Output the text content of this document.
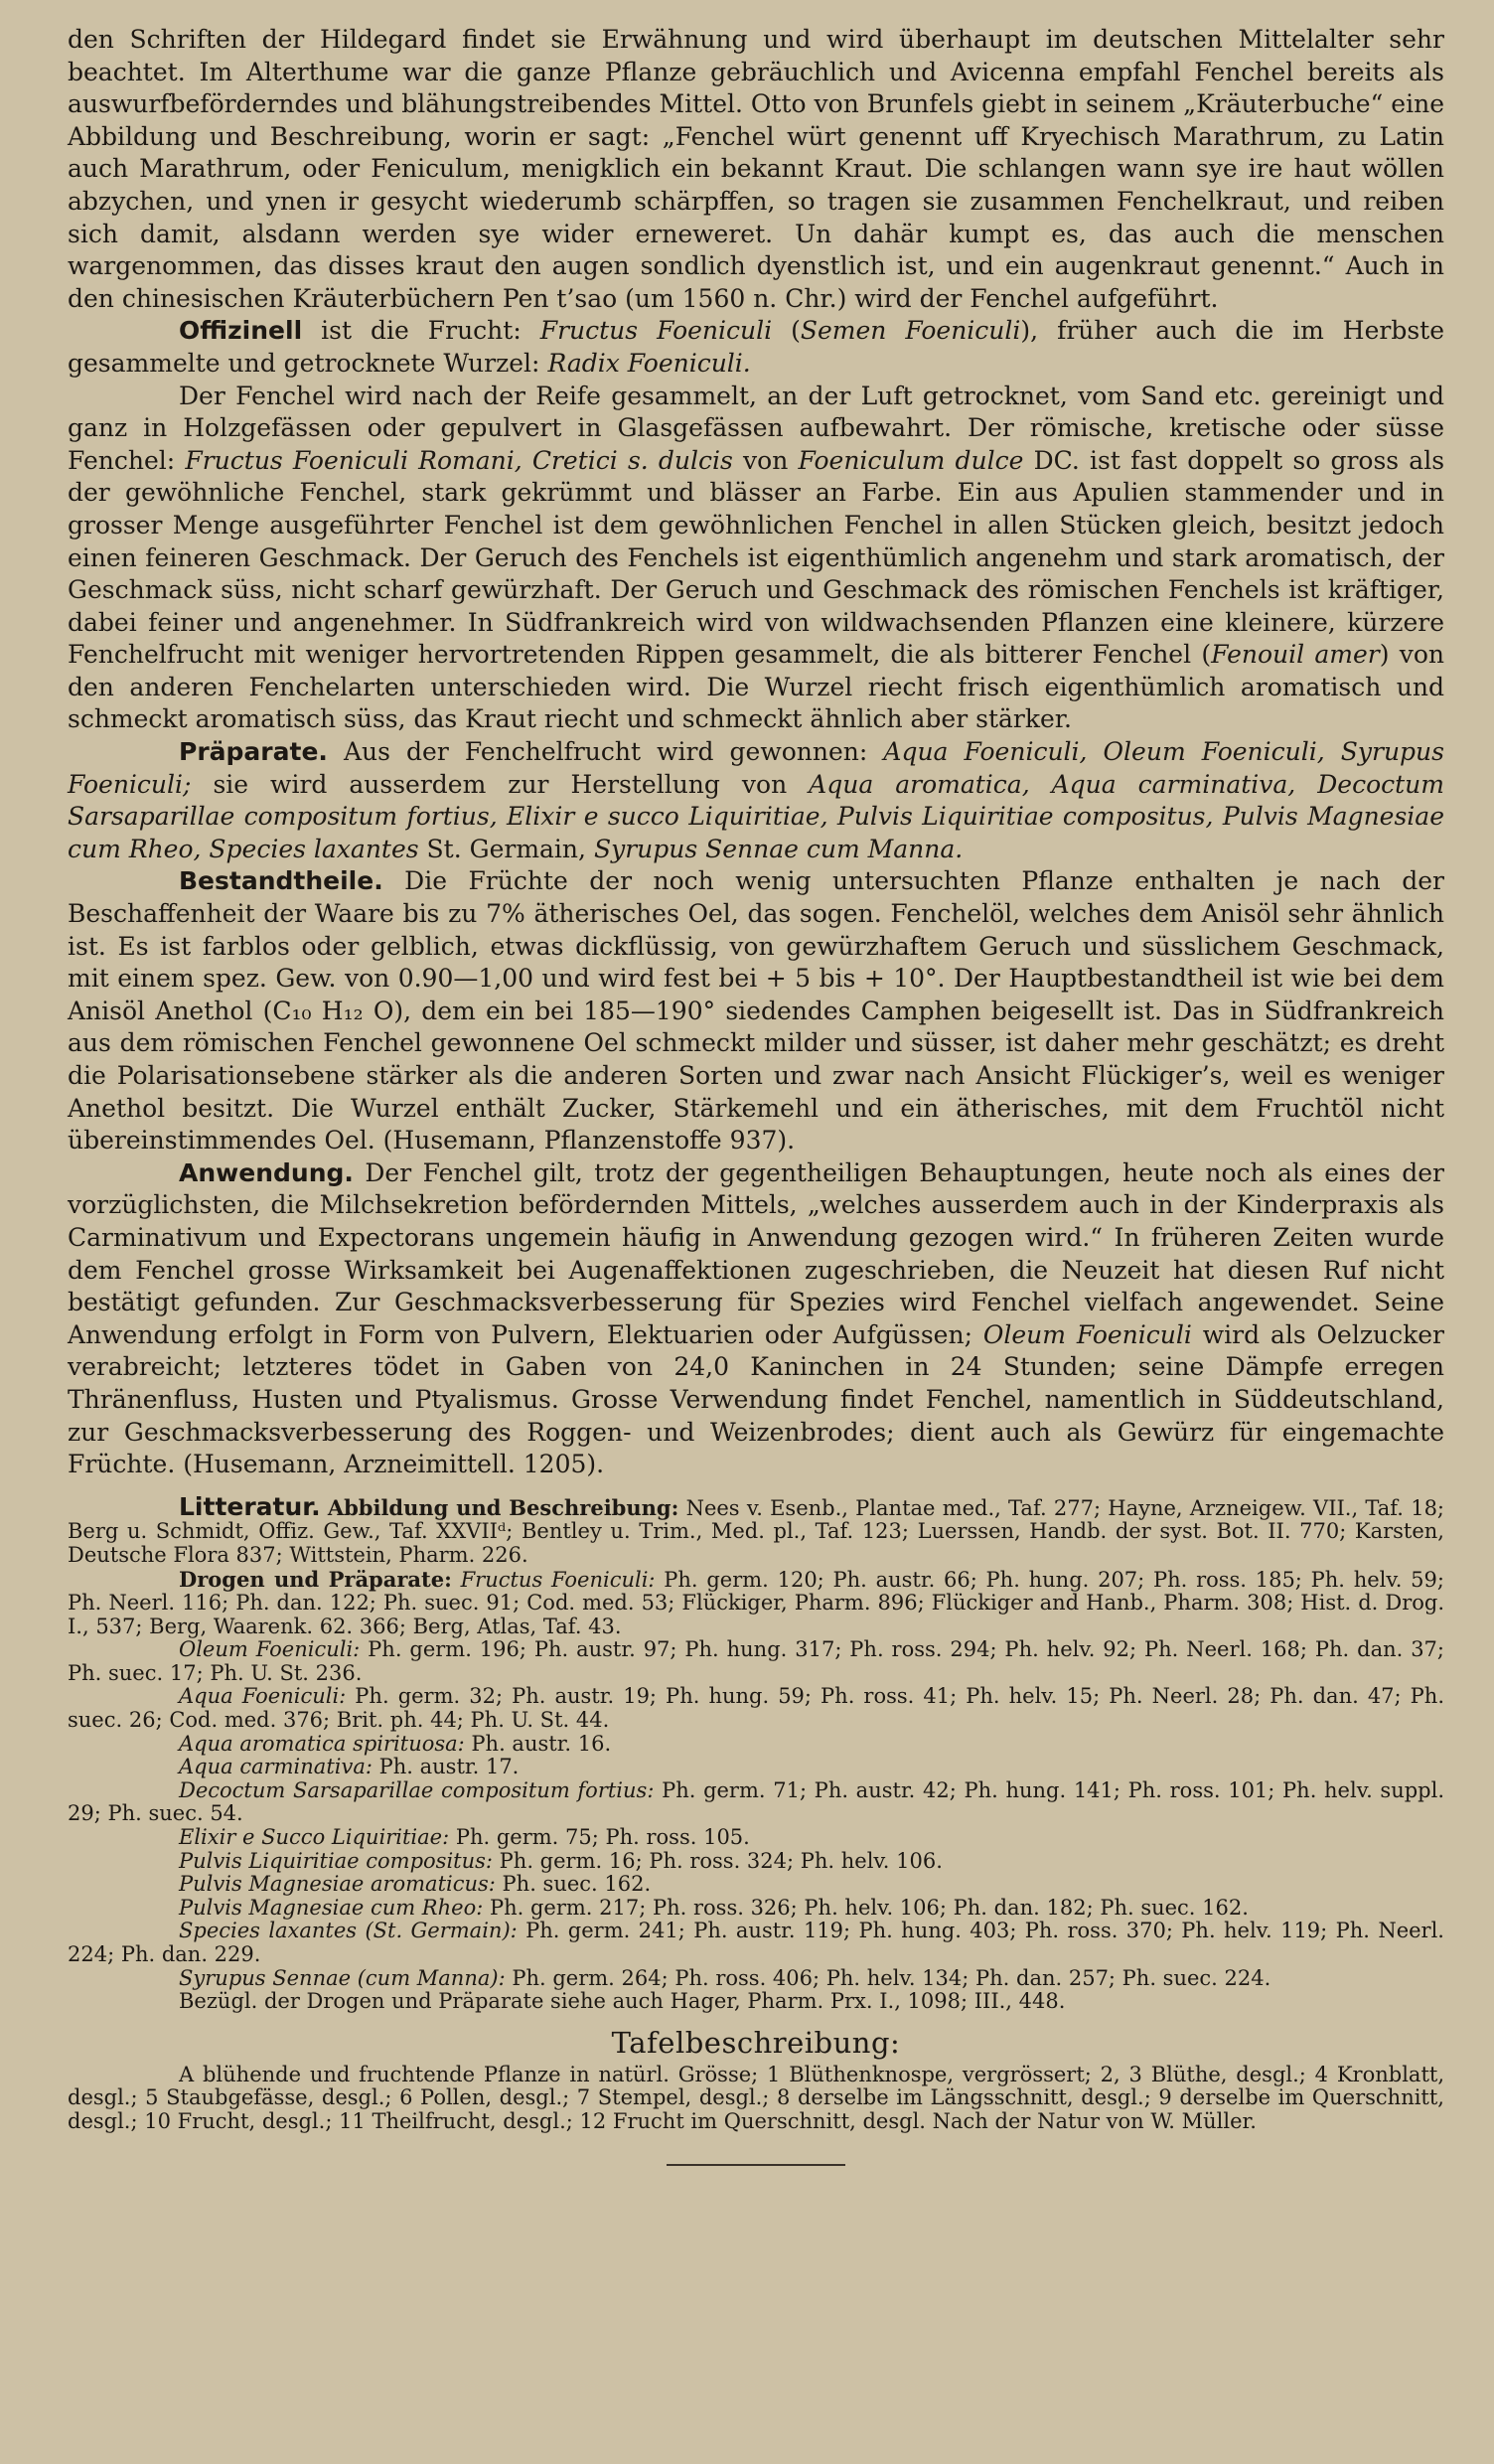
den Schriften der Hildegard findet sie Erwähnung und wird überhaupt im deutschen Mittelalter sehr beachtet. Im Alterthume war die ganze Pflanze gebräuchlich und Avicenna empfahl Fenchel bereits als auswurfbeförderndes und blähungstreibendes Mittel. Otto von Brunfels giebt in seinem „Kräuterbuche“ eine Abbildung und Beschreibung, worin er sagt: „Fenchel würt genennt uff Kryechisch Marathrum, zu Latin auch Marathrum, oder Feniculum, menigklich ein bekannt Kraut. Die schlangen wann sye ire haut wöllen abzychen, und ynen ir gesycht wiederumb schärpffen, so tragen sie zusammen Fenchelkraut, und reiben sich damit, alsdann werden sye wider erneweret. Un dahär kumpt es, das auch die menschen wargenommen, das disses kraut den augen sondlich dyenstlich ist, und ein augenkraut genennt.“ Auch in den chinesischen Kräuterbüchern Pen t’sao (um 1560 n. Chr.) wird der Fenchel aufgeführt.

Offizinell ist die Frucht: Fructus Foeniculi (Semen Foeniculi), früher auch die im Herbste gesammelte und getrocknete Wurzel: Radix Foeniculi.

Der Fenchel wird nach der Reife gesammelt, an der Luft getrocknet, vom Sand etc. gereinigt und ganz in Holzgefässen oder gepulvert in Glasgefässen aufbewahrt. Der römische, kretische oder süsse Fenchel: Fructus Foeniculi Romani, Cretici s. dulcis von Foeniculum dulce DC. ist fast doppelt so gross als der gewöhnliche Fenchel, stark gekrümmt und blässer an Farbe. Ein aus Apulien stammender und in grosser Menge ausgeführter Fenchel ist dem gewöhnlichen Fenchel in allen Stücken gleich, besitzt jedoch einen feineren Geschmack. Der Geruch des Fenchels ist eigenthümlich angenehm und stark aromatisch, der Geschmack süss, nicht scharf gewürzhaft. Der Geruch und Geschmack des römischen Fenchels ist kräftiger, dabei feiner und angenehmer. In Südfrankreich wird von wildwachsenden Pflanzen eine kleinere, kürzere Fenchelfrucht mit weniger hervortretenden Rippen gesammelt, die als bitterer Fenchel (Fenouil amer) von den anderen Fenchelarten unterschieden wird. Die Wurzel riecht frisch eigenthümlich aromatisch und schmeckt aromatisch süss, das Kraut riecht und schmeckt ähnlich aber stärker.

Präparate. Aus der Fenchelfrucht wird gewonnen: Aqua Foeniculi, Oleum Foeniculi, Syrupus Foeniculi; sie wird ausserdem zur Herstellung von Aqua aromatica, Aqua carminativa, Decoctum Sarsaparillae compositum fortius, Elixir e succo Liquiritiae, Pulvis Liquiritiae compositus, Pulvis Magnesiae cum Rheo, Species laxantes St. Germain, Syrupus Sennae cum Manna.

Bestandtheile. Die Früchte der noch wenig untersuchten Pflanze enthalten je nach der Beschaffenheit der Waare bis zu 7% ätherisches Oel, das sogen. Fenchelöl, welches dem Anisöl sehr ähnlich ist. Es ist farblos oder gelblich, etwas dickflüssig, von gewürzhaftem Geruch und süsslichem Geschmack, mit einem spez. Gew. von 0.90—1,00 und wird fest bei + 5 bis + 10°. Der Hauptbestandtheil ist wie bei dem Anisöl Anethol (C₁₀ H₁₂ O), dem ein bei 185—190° siedendes Camphen beigesellt ist. Das in Südfrankreich aus dem römischen Fenchel gewonnene Oel schmeckt milder und süsser, ist daher mehr geschätzt; es dreht die Polarisationsebene stärker als die anderen Sorten und zwar nach Ansicht Flückiger’s, weil es weniger Anethol besitzt. Die Wurzel enthält Zucker, Stärkemehl und ein ätherisches, mit dem Fruchtöl nicht übereinstimmendes Oel. (Husemann, Pflanzenstoffe 937).

Anwendung. Der Fenchel gilt, trotz der gegentheiligen Behauptungen, heute noch als eines der vorzüglichsten, die Milchsekretion befördernden Mittels, „welches ausserdem auch in der Kinderpraxis als Carminativum und Expectorans ungemein häufig in Anwendung gezogen wird.“ In früheren Zeiten wurde dem Fenchel grosse Wirksamkeit bei Augenaffektionen zugeschrieben, die Neuzeit hat diesen Ruf nicht bestätigt gefunden. Zur Geschmacksverbesserung für Spezies wird Fenchel vielfach angewendet. Seine Anwendung erfolgt in Form von Pulvern, Elektuarien oder Aufgüssen; Oleum Foeniculi wird als Oelzucker verabreicht; letzteres tödet in Gaben von 24,0 Kaninchen in 24 Stunden; seine Dämpfe erregen Thränenfluss, Husten und Ptyalismus. Grosse Verwendung findet Fenchel, namentlich in Süddeutschland, zur Geschmacksverbesserung des Roggen- und Weizenbrodes; dient auch als Gewürz für eingemachte Früchte. (Husemann, Arzneimittell. 1205).

Litteratur. Abbildung und Beschreibung: Nees v. Esenb., Plantae med., Taf. 277; Hayne, Arzneigew. VII., Taf. 18; Berg u. Schmidt, Offiz. Gew., Taf. XXVIIᵈ; Bentley u. Trim., Med. pl., Taf. 123; Luerssen, Handb. der syst. Bot. II. 770; Karsten, Deutsche Flora 837; Wittstein, Pharm. 226.

Drogen und Präparate: Fructus Foeniculi: Ph. germ. 120; Ph. austr. 66; Ph. hung. 207; Ph. ross. 185; Ph. helv. 59; Ph. Neerl. 116; Ph. dan. 122; Ph. suec. 91; Cod. med. 53; Flückiger, Pharm. 896; Flückiger and Hanb., Pharm. 308; Hist. d. Drog. I., 537; Berg, Waarenk. 62. 366; Berg, Atlas, Taf. 43.

Oleum Foeniculi: Ph. germ. 196; Ph. austr. 97; Ph. hung. 317; Ph. ross. 294; Ph. helv. 92; Ph. Neerl. 168; Ph. dan. 37; Ph. suec. 17; Ph. U. St. 236.

Aqua Foeniculi: Ph. germ. 32; Ph. austr. 19; Ph. hung. 59; Ph. ross. 41; Ph. helv. 15; Ph. Neerl. 28; Ph. dan. 47; Ph. suec. 26; Cod. med. 376; Brit. ph. 44; Ph. U. St. 44.

Aqua aromatica spirituosa: Ph. austr. 16.

Aqua carminativa: Ph. austr. 17.

Decoctum Sarsaparillae compositum fortius: Ph. germ. 71; Ph. austr. 42; Ph. hung. 141; Ph. ross. 101; Ph. helv. suppl. 29; Ph. suec. 54.

Elixir e Succo Liquiritiae: Ph. germ. 75; Ph. ross. 105.

Pulvis Liquiritiae compositus: Ph. germ. 16; Ph. ross. 324; Ph. helv. 106.

Pulvis Magnesiae aromaticus: Ph. suec. 162.

Pulvis Magnesiae cum Rheo: Ph. germ. 217; Ph. ross. 326; Ph. helv. 106; Ph. dan. 182; Ph. suec. 162.

Species laxantes (St. Germain): Ph. germ. 241; Ph. austr. 119; Ph. hung. 403; Ph. ross. 370; Ph. helv. 119; Ph. Neerl. 224; Ph. dan. 229.

Syrupus Sennae (cum Manna): Ph. germ. 264; Ph. ross. 406; Ph. helv. 134; Ph. dan. 257; Ph. suec. 224.

Bezügl. der Drogen und Präparate siehe auch Hager, Pharm. Prx. I., 1098; III., 448.

Tafelbeschreibung:

A blühende und fruchtende Pflanze in natürl. Grösse; 1 Blüthenknospe, vergrössert; 2, 3 Blüthe, desgl.; 4 Kronblatt, desgl.; 5 Staubgefässe, desgl.; 6 Pollen, desgl.; 7 Stempel, desgl.; 8 derselbe im Längsschnitt, desgl.; 9 derselbe im Querschnitt, desgl.; 10 Frucht, desgl.; 11 Theilfrucht, desgl.; 12 Frucht im Querschnitt, desgl. Nach der Natur von W. Müller.
